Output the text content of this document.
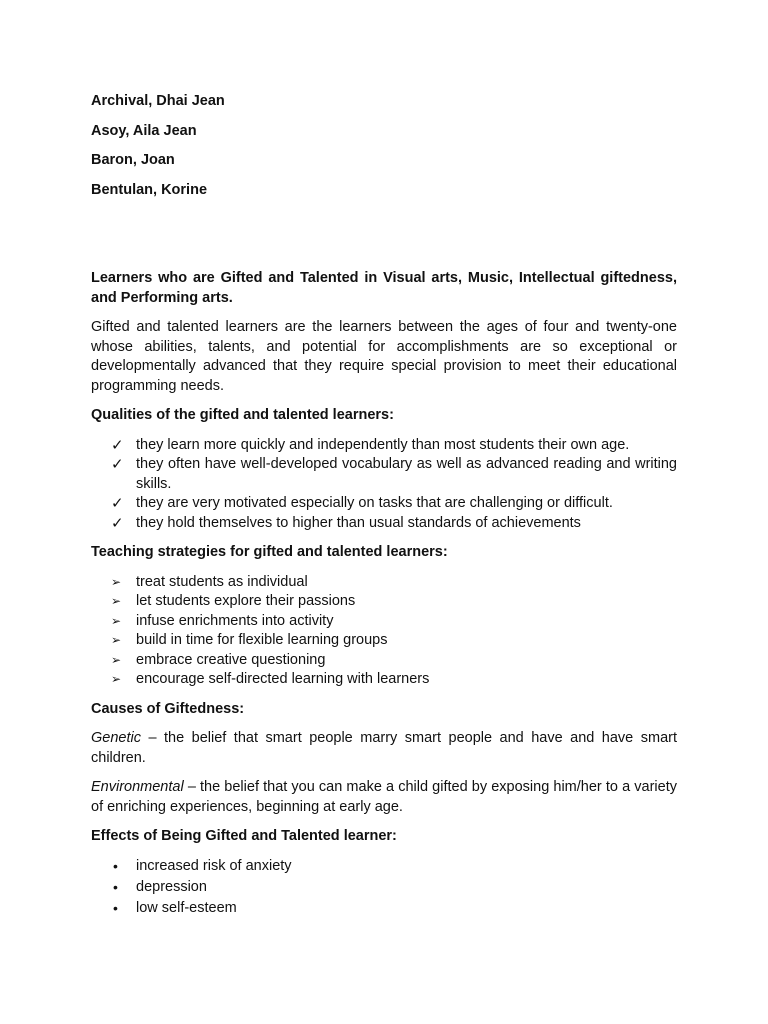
Archival, Dhai Jean

Asoy, Aila Jean

Baron, Joan

Bentulan, Korine

Learners who are Gifted and Talented in Visual arts, Music, Intellectual giftedness, and Performing arts.

Gifted and talented learners are the learners between the ages of four and twenty-one whose abilities, talents, and potential for accomplishments are so exceptional or developmentally advanced that they require special provision to meet their educational programming needs.

Qualities of the gifted and talented learners:

✓ they learn more quickly and independently than most students their own age.
✓ they often have well-developed vocabulary as well as advanced reading and writing skills.
✓ they are very motivated especially on tasks that are challenging or difficult.
✓ they hold themselves to higher than usual standards of achievements

Teaching strategies for gifted and talented learners:

➢ treat students as individual
➢ let students explore their passions
➢ infuse enrichments into activity
➢ build in time for flexible learning groups
➢ embrace creative questioning
➢ encourage self-directed learning with learners

Causes of Giftedness:

Genetic – the belief that smart people marry smart people and have and have smart children.

Environmental – the belief that you can make a child gifted by exposing him/her to a variety of enriching experiences, beginning at early age.

Effects of Being Gifted and Talented learner:

• increased risk of anxiety
• depression
• low self-esteem
